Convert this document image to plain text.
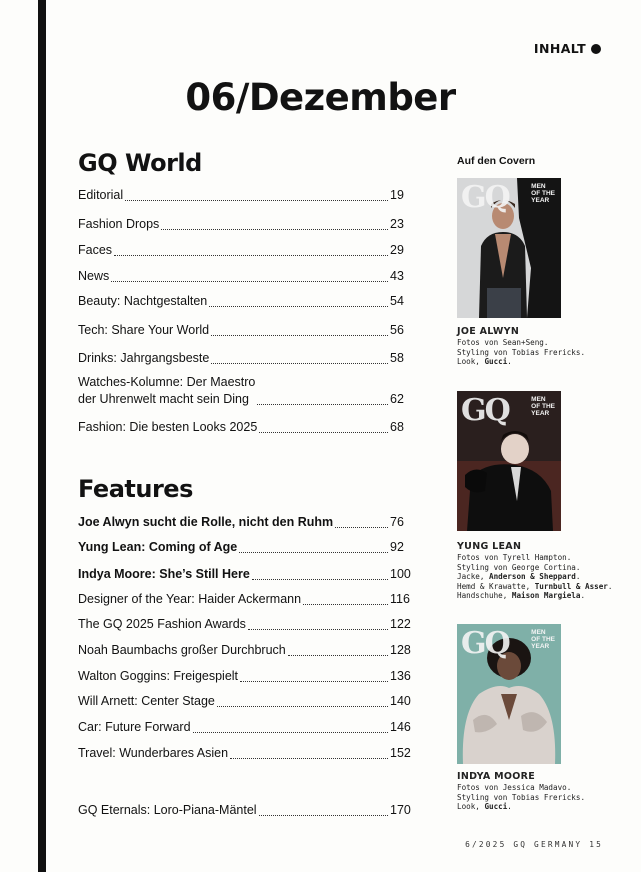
INHALT
06/Dezember
GQ World
Editorial	19
Fashion Drops	23
Faces	29
News	43
Beauty: Nachtgestalten	54
Tech: Share Your World	56
Drinks: Jahrgangsbeste	58
Watches-Kolumne: Der Maestro
der Uhrenwelt macht sein Ding	62
Fashion: Die besten Looks 2025	68
Features
Joe Alwyn sucht die Rolle, nicht den Ruhm	76
Yung Lean: Coming of Age	92
Indya Moore: She’s Still Here	100
Designer of the Year: Haider Ackermann	116
The GQ 2025 Fashion Awards	122
Noah Baumbachs großer Durchbruch	128
Walton Goggins: Freigespielt	136
Will Arnett: Center Stage	140
Car: Future Forward	146
Travel: Wunderbares Asien	152
GQ Eternals: Loro-Piana-Mäntel	170
Auf den Covern
GQ	MEN
OF THE
YEAR
GQ	MEN
OF THE
YEAR
GQ	MEN
OF THE
YEAR
JOE ALWYN
Fotos von Sean+Seng.
Styling von Tobias Frericks.
Look, Gucci.
YUNG LEAN
Fotos von Tyrell Hampton.
Styling von George Cortina.
Jacke, Anderson & Sheppard.
Hemd & Krawatte, Turnbull & Asser.
Handschuhe, Maison Margiela.
INDYA MOORE
Fotos von Jessica Madavo.
Styling von Tobias Frericks.
Look, Gucci.
6/2025 GQ GERMANY 15
